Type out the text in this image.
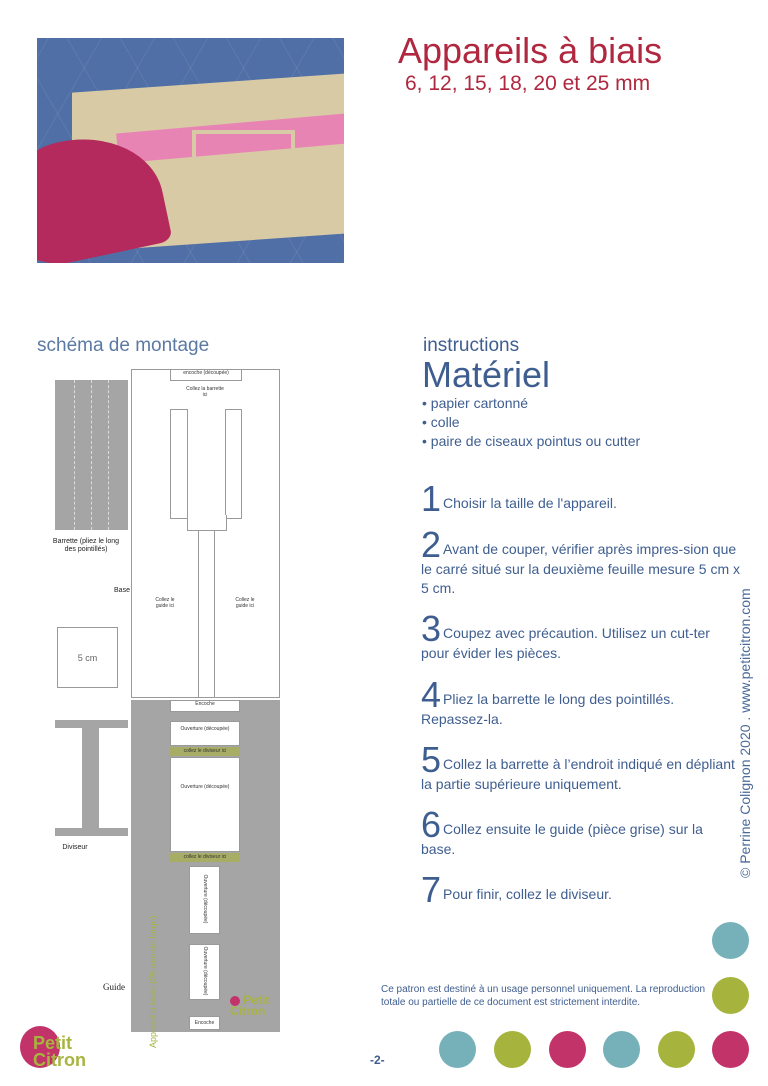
Appareils à biais
6, 12, 15, 18, 20 et 25 mm
schéma de montage	instructions
Matériel
• papier cartonné
• colle
• paire de ciseaux pointus ou cutter
1 Choisir la taille de l'appareil.
2 Avant de couper, vérifier après impres-sion que le carré situé sur la deuxième feuille mesure 5 cm x 5 cm.
3 Coupez avec précaution. Utilisez un cut-ter pour évider les pièces.
4 Pliez la barrette le long des pointillés. Repassez-la.
5 Collez la barrette à l’endroit indiqué en dépliant la partie supérieure uniquement.
6 Collez ensuite le guide (pièce grise) sur la base.
7 Pour finir, collez le diviseur.
© Perrine Colignon 2020 . www.petitcitron.com
Barrette (pliez le long des pointillés)
encoche (découpée)
Collez la barrette ici
Collez le guide ici
Collez le guide ici
Base
5 cm
Diviseur
Encoche
Ouverture (découpée)
collez le diviseur ici
Ouverture (découpée)
collez le diviseur ici
Ouverture (découpée)
Ouverture (découpée)
Encoche
Appareil à biais (25 mm de large)
Guide
Petit
Citron
Ce patron est destiné à un usage personnel uniquement. La reproduction totale ou partielle de ce document est strictement interdite.
Petit
Citron	-2-
